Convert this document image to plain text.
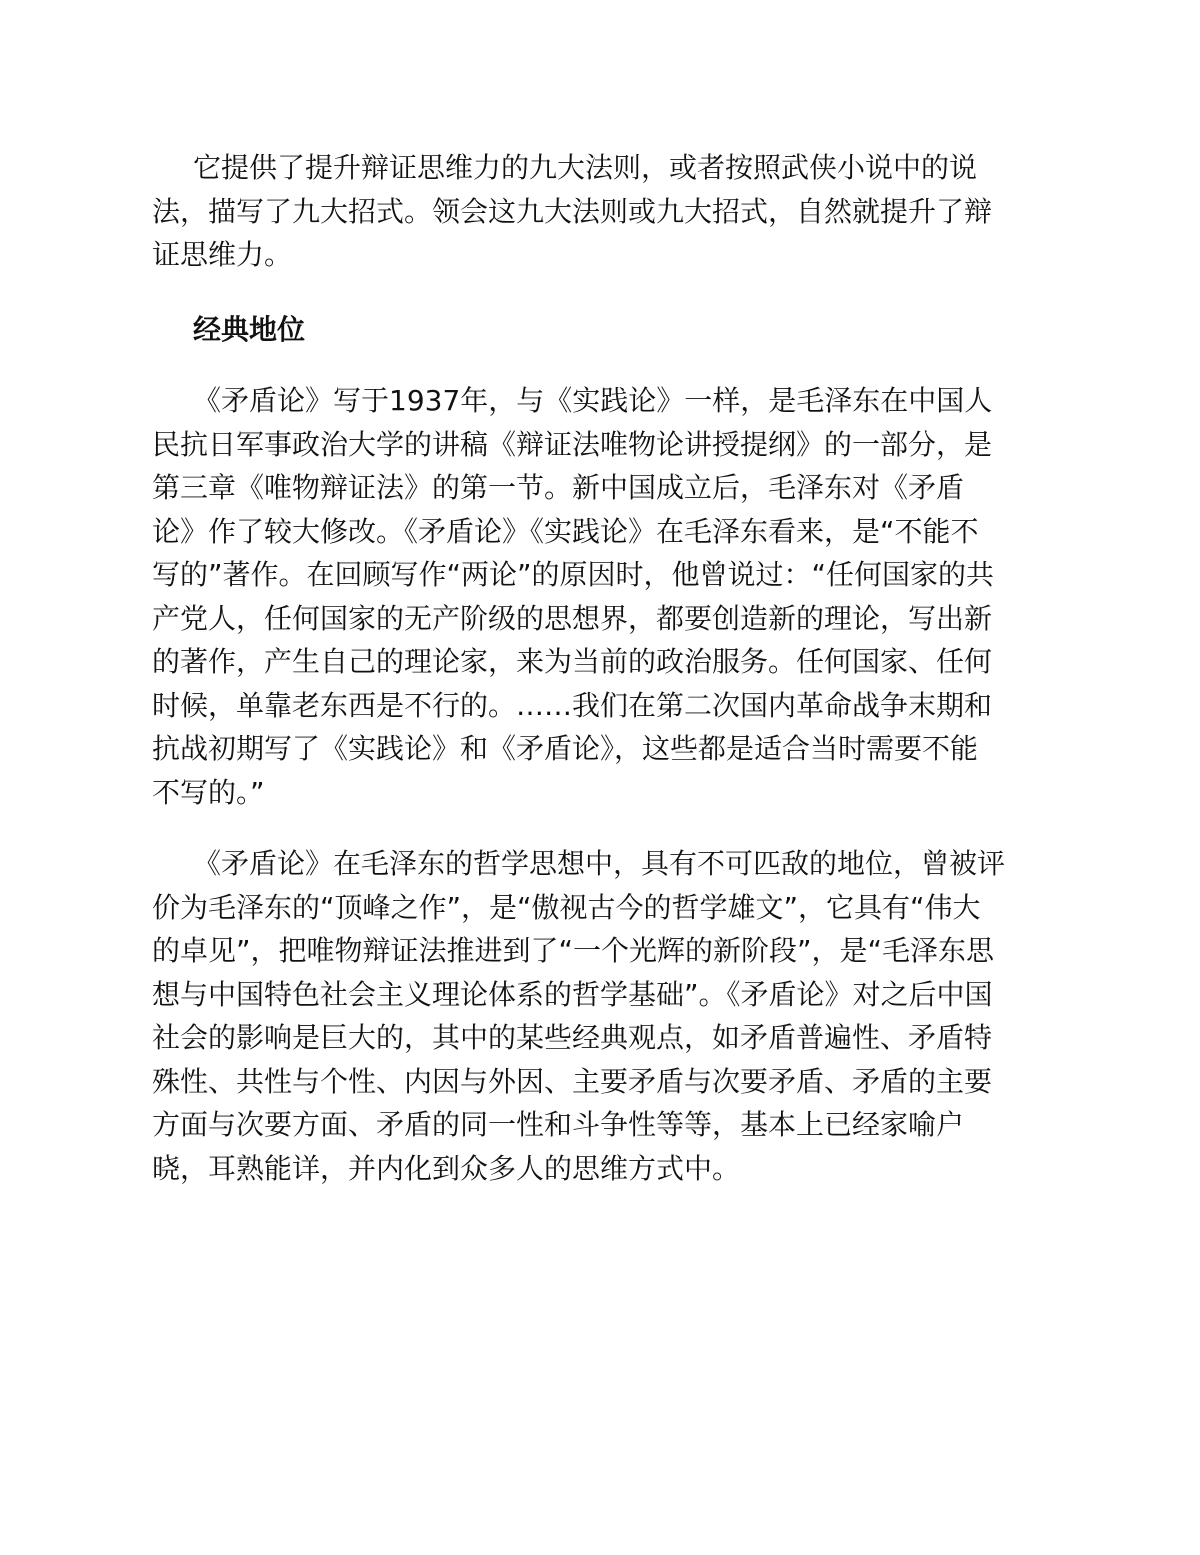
它提供了提升辩证思维力的九大法则，或者按照武侠小说中的说
法，描写了九大招式。领会这九大法则或九大招式，自然就提升了辩
证思维力。
经典地位
《矛盾论》写于1937年，与《实践论》一样，是毛泽东在中国人
民抗日军事政治大学的讲稿《辩证法唯物论讲授提纲》的一部分，是
第三章《唯物辩证法》的第一节。新中国成立后，毛泽东对《矛盾
论》作了较大修改。《矛盾论》《实践论》在毛泽东看来，是“不能不
写的”著作。在回顾写作“两论”的原因时，他曾说过：“任何国家的共
产党人，任何国家的无产阶级的思想界，都要创造新的理论，写出新
的著作，产生自己的理论家，来为当前的政治服务。任何国家、任何
时候，单靠老东西是不行的。……我们在第二次国内革命战争末期和
抗战初期写了《实践论》和《矛盾论》，这些都是适合当时需要不能
不写的。”
《矛盾论》在毛泽东的哲学思想中，具有不可匹敌的地位，曾被评
价为毛泽东的“顶峰之作”，是“傲视古今的哲学雄文”，它具有“伟大
的卓见”，把唯物辩证法推进到了“一个光辉的新阶段”，是“毛泽东思
想与中国特色社会主义理论体系的哲学基础”。《矛盾论》对之后中国
社会的影响是巨大的，其中的某些经典观点，如矛盾普遍性、矛盾特
殊性、共性与个性、内因与外因、主要矛盾与次要矛盾、矛盾的主要
方面与次要方面、矛盾的同一性和斗争性等等，基本上已经家喻户
晓，耳熟能详，并内化到众多人的思维方式中。
